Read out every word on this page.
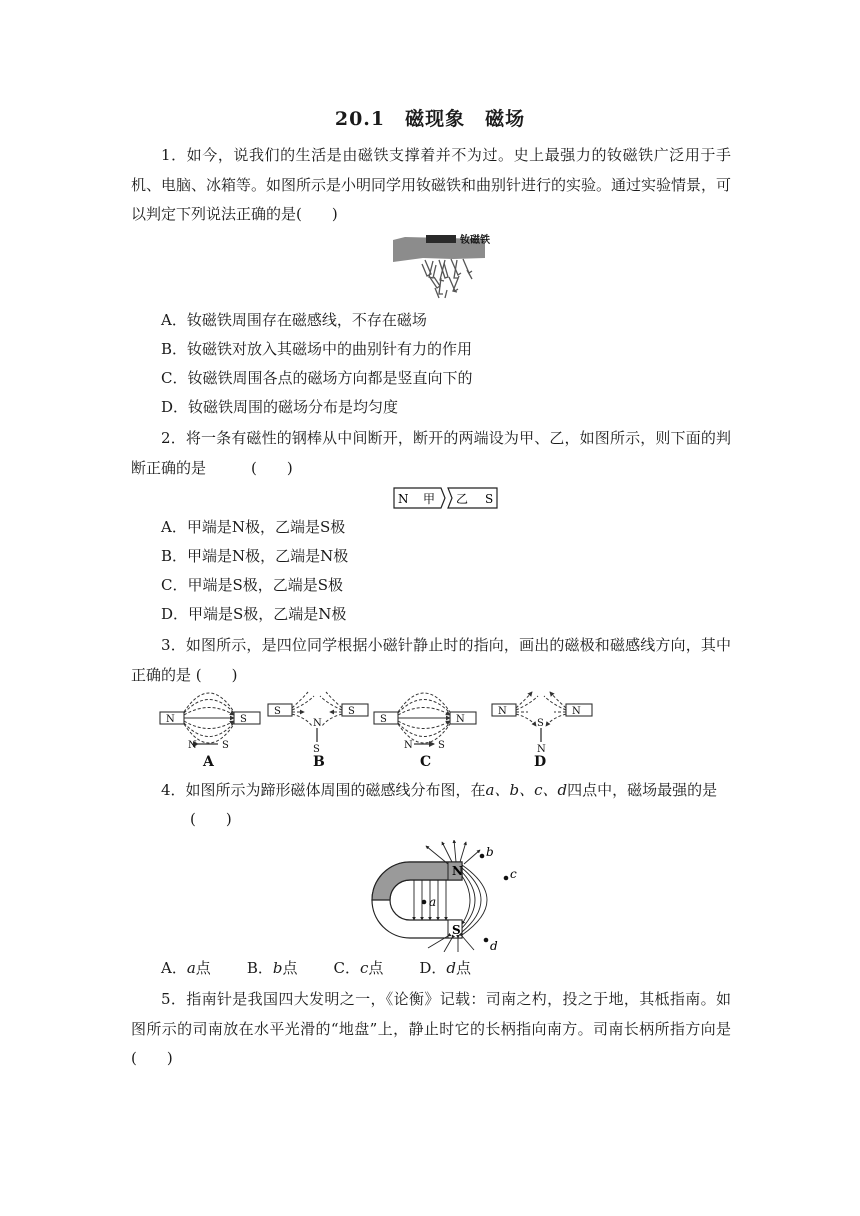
20.1　磁现象　磁场
1．如今，说我们的生活是由磁铁支撑着并不为过。史上最强力的钕磁铁广泛用于手机、电脑、冰箱等。如图所示是小明同学用钕磁铁和曲别针进行的实验。通过实验情景，可以判定下列说法正确的是(　　)
钕磁铁
A．钕磁铁周围存在磁感线，不存在磁场
B．钕磁铁对放入其磁场中的曲别针有力的作用
C．钕磁铁周围各点的磁场方向都是竖直向下的
D．钕磁铁周围的磁场分布是均匀度
2．将一条有磁性的钢棒从中间断开，断开的两端设为甲、乙，如图所示，则下面的判断正确的是　　　(　　)
N 甲 乙 S
A．甲端是N极，乙端是S极
B．甲端是N极，乙端是N极
C．甲端是S极，乙端是S极
D．甲端是S极，乙端是N极
3．如图所示，是四位同学根据小磁针静止时的指向，画出的磁极和磁感线方向，其中正确的是 (　　)
N	S
N	S
S	S
N
S
S	N
N	S
N	N
S
N
A	B	C	D
4．如图所示为蹄形磁体周围的磁感线分布图，在a、b、c、d四点中，磁场最强的是
(　　)
N
S
a
b
c
d
A．a点 B．b点 C．c点 D．d点
5．指南针是我国四大发明之一，《论衡》记载：司南之杓，投之于地，其柢指南。如图所示的司南放在水平光滑的“地盘”上，静止时它的长柄指向南方。司南长柄所指方向是(　　)
